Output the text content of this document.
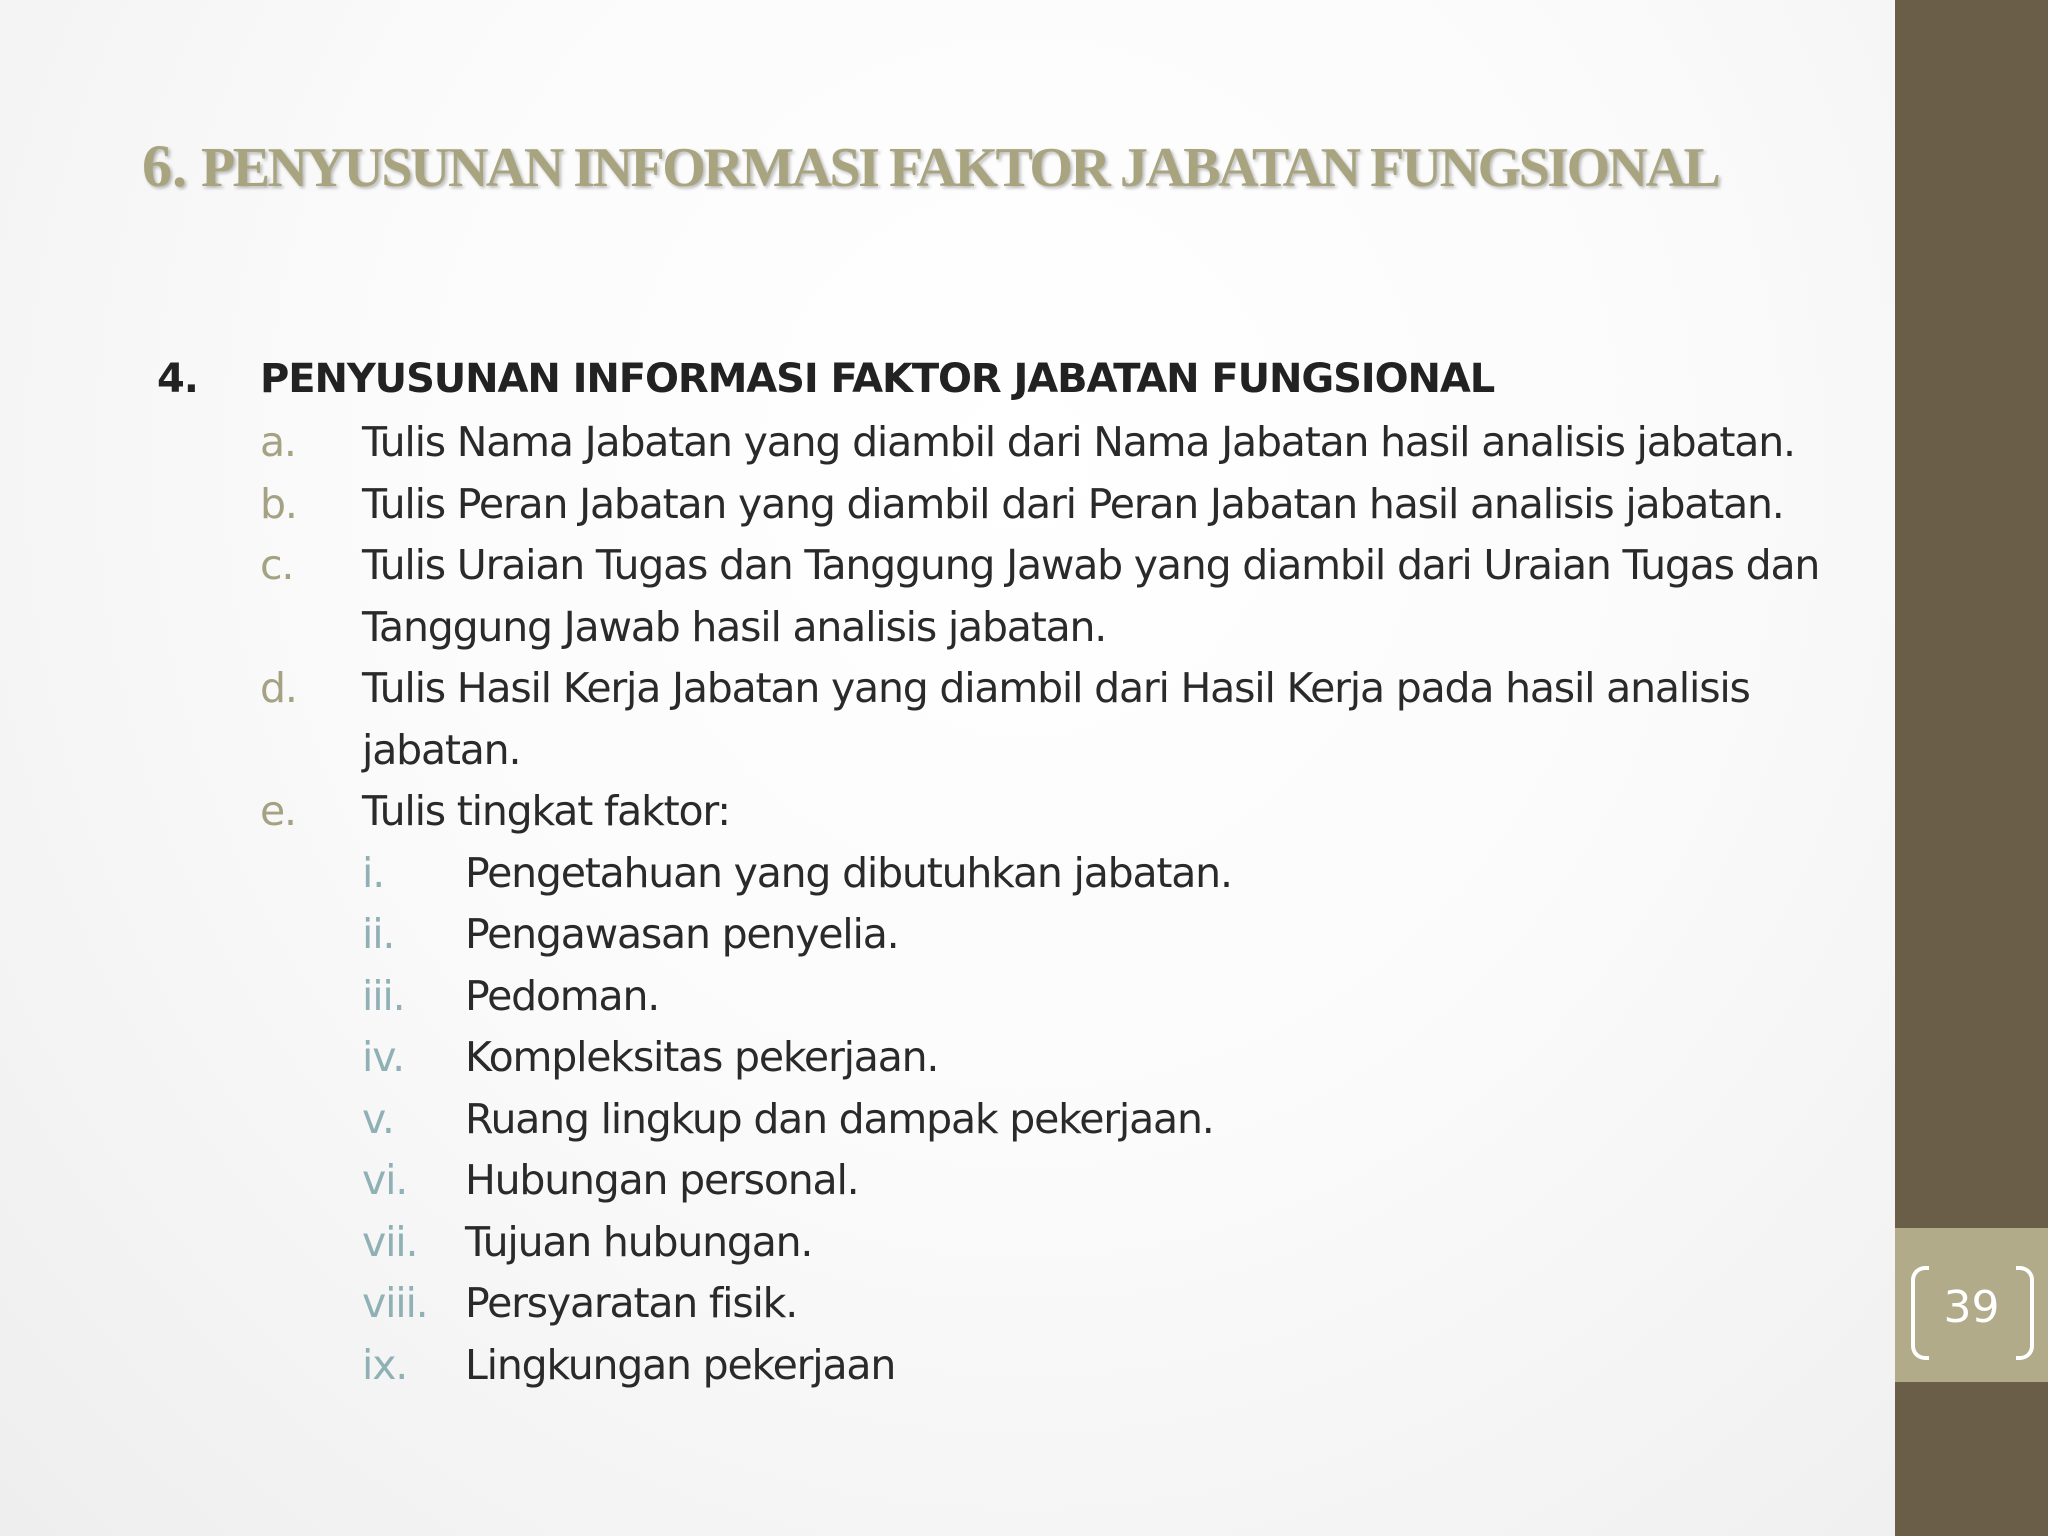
39
6. PENYUSUNAN INFORMASI FAKTOR JABATAN FUNGSIONAL
4. PENYUSUNAN INFORMASI FAKTOR JABATAN FUNGSIONAL
a. Tulis Nama Jabatan yang diambil dari Nama Jabatan hasil analisis jabatan.
b. Tulis Peran Jabatan yang diambil dari Peran Jabatan hasil analisis jabatan.
c. Tulis Uraian Tugas dan Tanggung Jawab yang diambil dari Uraian Tugas dan
Tanggung Jawab hasil analisis jabatan.
d. Tulis Hasil Kerja Jabatan yang diambil dari Hasil Kerja pada hasil analisis
jabatan.
e. Tulis tingkat faktor:
i. Pengetahuan yang dibutuhkan jabatan.
ii. Pengawasan penyelia.
iii. Pedoman.
iv. Kompleksitas pekerjaan.
v. Ruang lingkup dan dampak pekerjaan.
vi. Hubungan personal.
vii. Tujuan hubungan.
viii. Persyaratan fisik.
ix. Lingkungan pekerjaan
